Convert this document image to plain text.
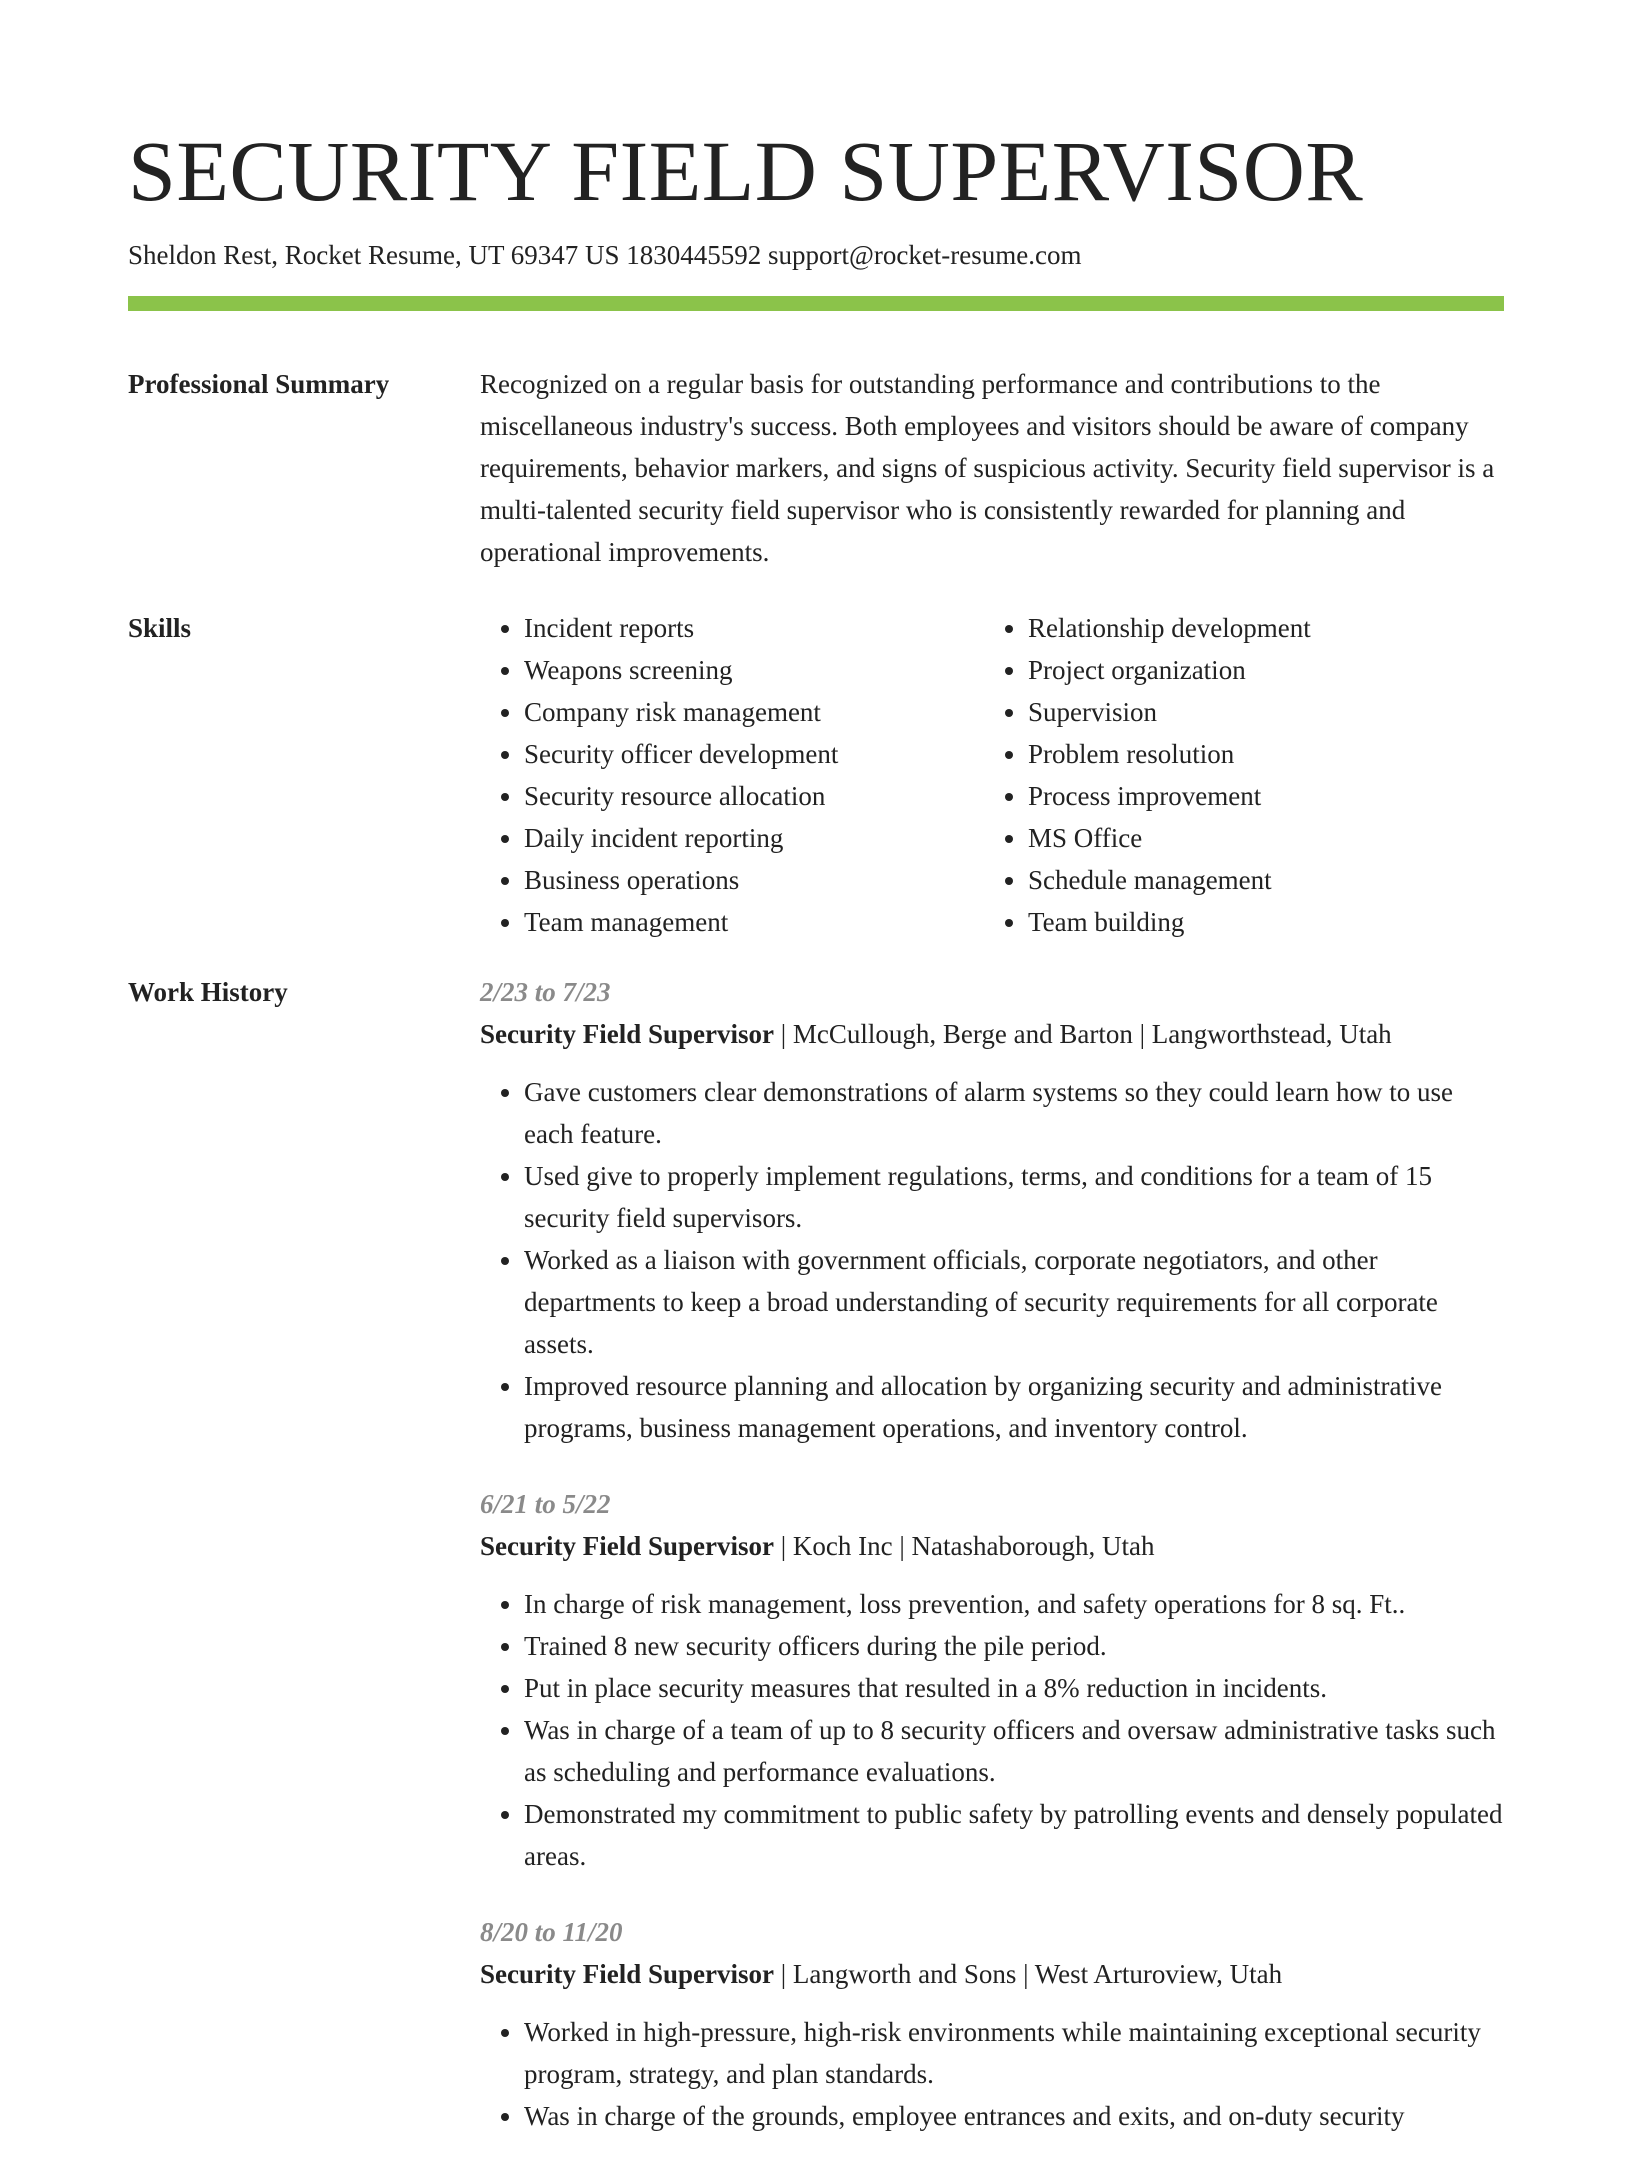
SECURITY FIELD SUPERVISOR
Sheldon Rest, Rocket Resume, UT 69347 US 1830445592 support@rocket-resume.com
Professional Summary	Recognized on a regular basis for outstanding performance and contributions to the miscellaneous industry's success. Both employees and visitors should be aware of company requirements, behavior markers, and signs of suspicious activity. Security field supervisor is a multi-talented security field supervisor who is consistently rewarded for planning and operational improvements.

Skills
•	Incident reports
• Weapons screening
• Company risk management
• Security officer development
• Security resource allocation
• Daily incident reporting
• Business operations
• Team management
• Relationship development
• Project organization
• Supervision
• Problem resolution
• Process improvement
• MS Office
• Schedule management
• Team building
Work History	2/23 to 7/23
Security Field Supervisor | McCullough, Berge and Barton | Langworthstead, Utah
• Gave customers clear demonstrations of alarm systems so they could learn how to use each feature.
• Used give to properly implement regulations, terms, and conditions for a team of 15 security field supervisors.
• Worked as a liaison with government officials, corporate negotiators, and other departments to keep a broad understanding of security requirements for all corporate assets.
• Improved resource planning and allocation by organizing security and administrative programs, business management operations, and inventory control.
6/21 to 5/22
Security Field Supervisor | Koch Inc | Natashaborough, Utah
• In charge of risk management, loss prevention, and safety operations for 8 sq. Ft..
• Trained 8 new security officers during the pile period.
• Put in place security measures that resulted in a 8% reduction in incidents.
• Was in charge of a team of up to 8 security officers and oversaw administrative tasks such as scheduling and performance evaluations.
• Demonstrated my commitment to public safety by patrolling events and densely populated areas.
8/20 to 11/20
Security Field Supervisor | Langworth and Sons | West Arturoview, Utah
• Worked in high-pressure, high-risk environments while maintaining exceptional security program, strategy, and plan standards.
• Was in charge of the grounds, employee entrances and exits, and on-duty security
